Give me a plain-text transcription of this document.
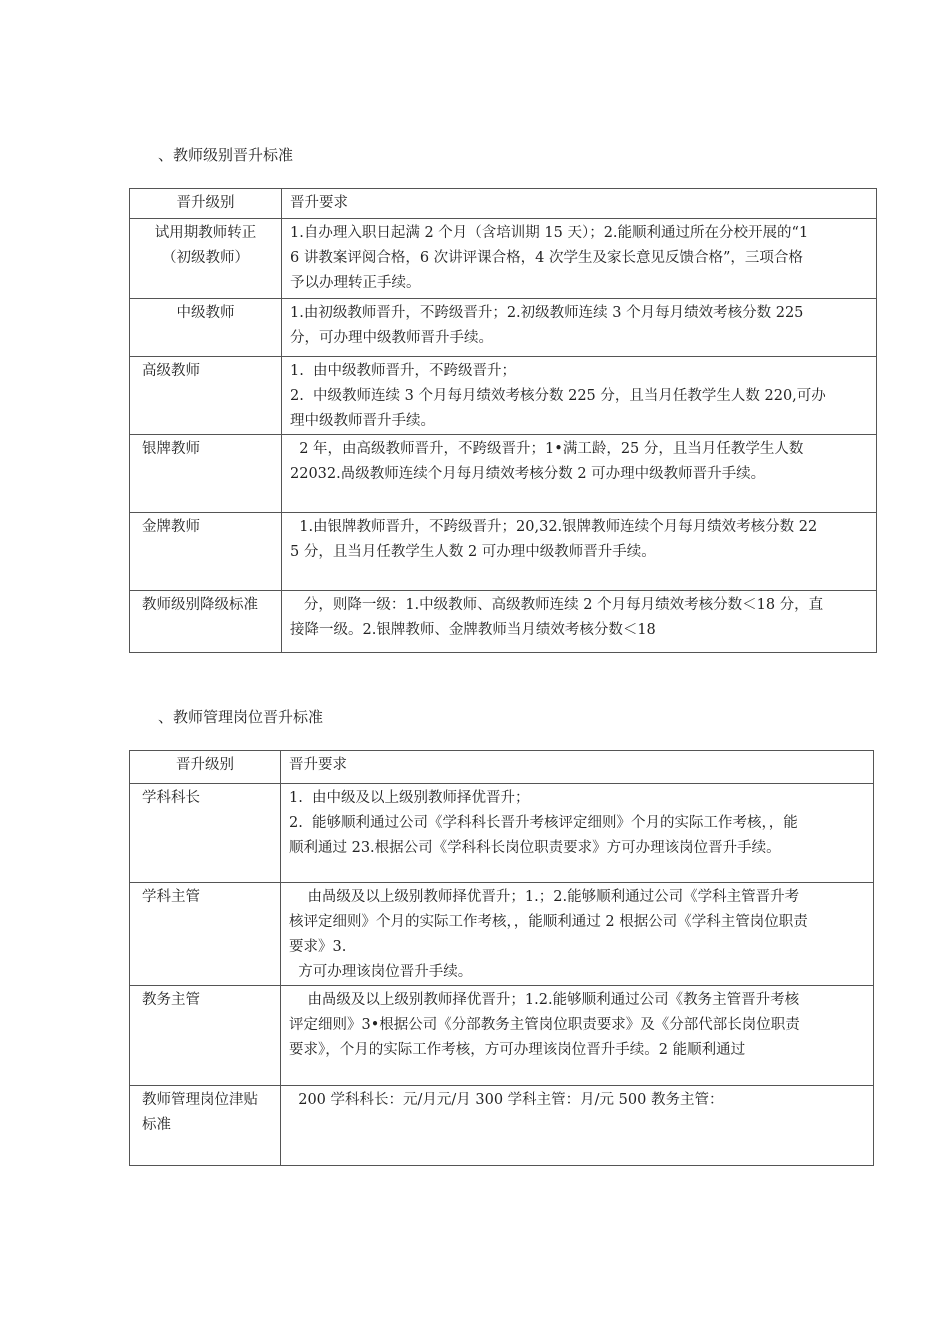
、教师级别晋升标准
晋升级别	晋升要求

试用期教师转正
（初级教师）	1.自办理入职日起满 2 个月（含培训期 15 天）；2.能顺利通过所在分校开展的“1
6 讲教案评阅合格，6 次讲评课合格，4 次学生及家长意见反馈合格”，三项合格
予以办理转正手续。

中级教师	1.由初级教师晋升，不跨级晋升；2.初级教师连续 3 个月每月绩效考核分数 225
分，可办理中级教师晋升手续。

高级教师	1.  由中级教师晋升，不跨级晋升；
2.  中级教师连续 3 个月每月绩效考核分数 225 分，且当月任教学生人数 220,可办
理中级教师晋升手续。

银牌教师	2 年，由高级教师晋升，不跨级晋升；1•满工龄，25 分，且当月任教学生人数
22032.咼级教师连续个月每月绩效考核分数 2 可办理中级教师晋升手续。

金牌教师	1.由银牌教师晋升，不跨级晋升；20,32.银牌教师连续个月每月绩效考核分数 22
5 分，且当月任教学生人数 2 可办理中级教师晋升手续。

教师级别降级标准	分，则降一级：1.中级教师、高级教师连续 2 个月每月绩效考核分数＜18 分，直
接降一级。2.银牌教师、金牌教师当月绩效考核分数＜18
、教师管理岗位晋升标准
晋升级别	晋升要求

学科科长	1.  由中级及以上级别教师择优晋升；
2.  能够顺利通过公司《学科科长晋升考核评定细则》个月的实际工作考核，，能
顺利通过 23.根据公司《学科科长岗位职责要求》方可办理该岗位晋升手续。

学科主管	由咼级及以上级别教师择优晋升；1.；2.能够顺利通过公司《学科主管晋升考
核评定细则》个月的实际工作考核，，能顺利通过 2 根据公司《学科主管岗位职责
要求》3.
方可办理该岗位晋升手续。

教务主管	由咼级及以上级别教师择优晋升；1.2.能够顺利通过公司《教务主管晋升考核
评定细则》3•根据公司《分部教务主管岗位职责要求》及《分部代部长岗位职责
要求》，个月的实际工作考核，方可办理该岗位晋升手续。2 能顺利通过

教师管理岗位津贴
标准	200 学科科长：元/月元/月 300 学科主管：月/元 500 教务主管：
